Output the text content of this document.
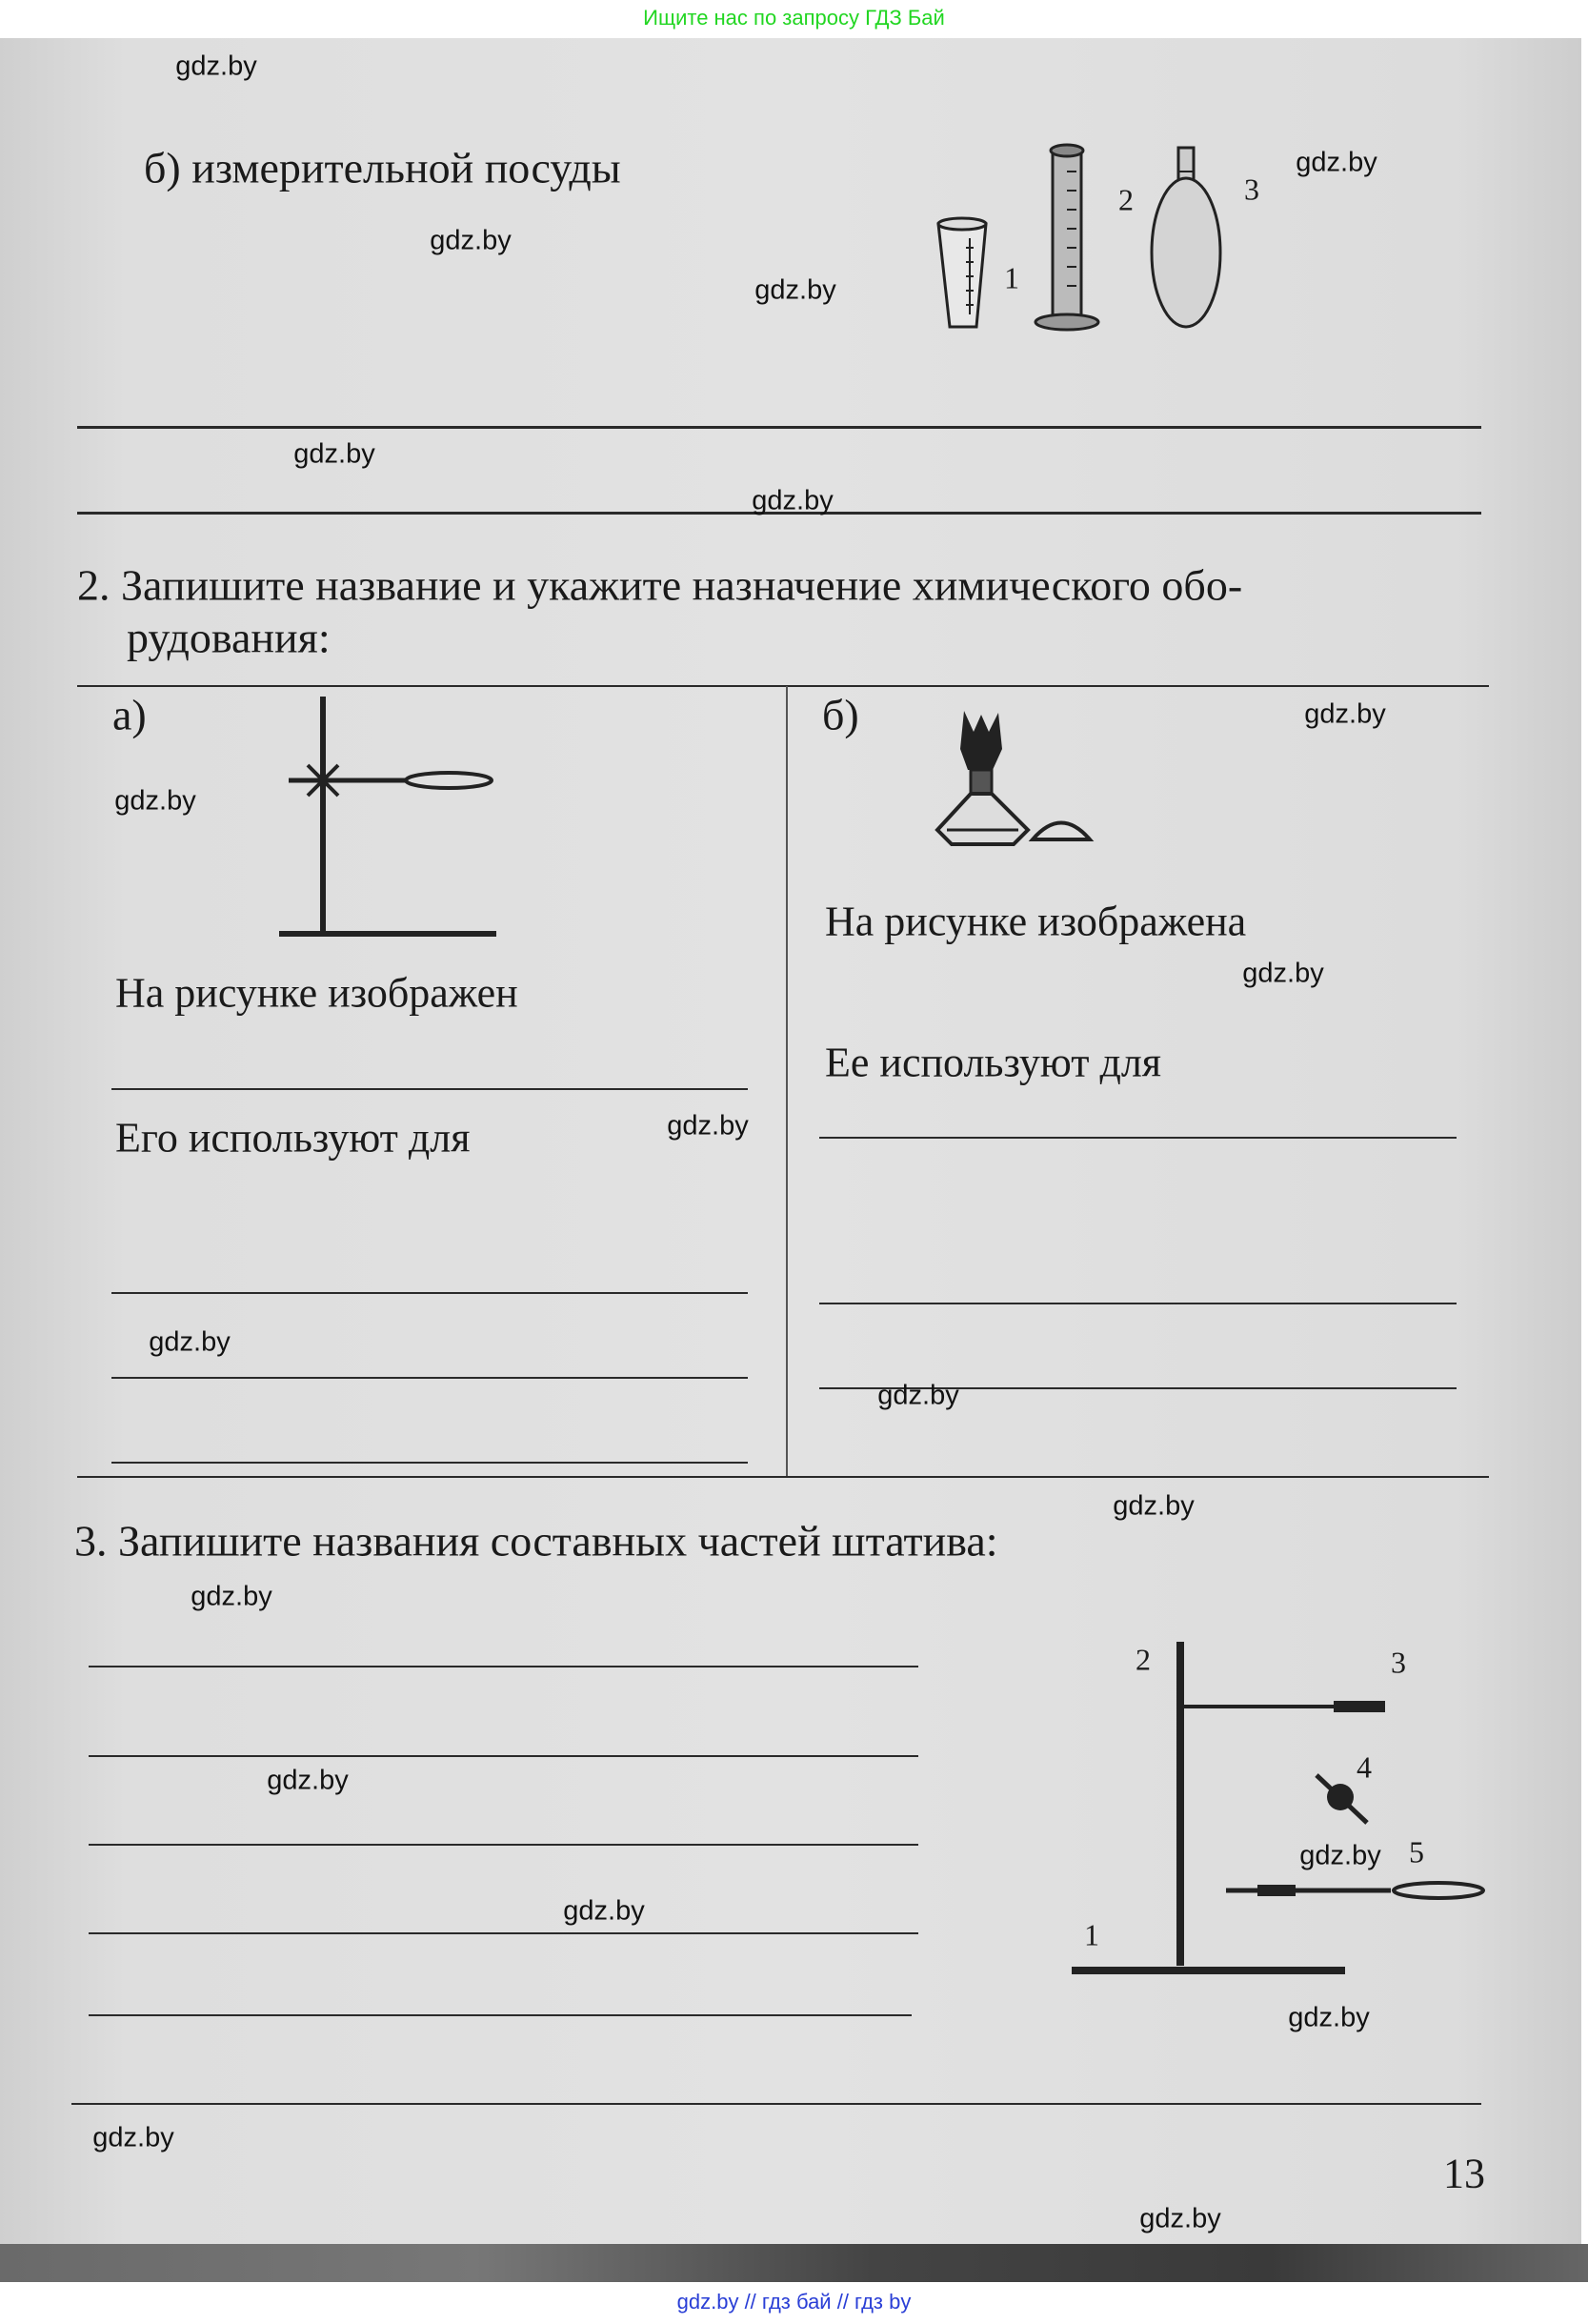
Ищите нас по запросу ГДЗ Бай
gdz.by // гдз бай // гдз by
б) измерительной посуды
1
2	3
2. Запишите название и укажите назначение химического обо-
рудования:
а)
На рисунке изображен
Его используют для
б)
На рисунке изображена
Ее используют для
3. Запишите названия составных частей штатива:
1
2	3
4
5
13
gdz.by
gdz.by
gdz.by
gdz.by
gdz.by
gdz.by
gdz.by
gdz.by
gdz.by
gdz.by
gdz.by
gdz.by
gdz.by
gdz.by
gdz.by
gdz.by
gdz.by
gdz.by
gdz.by
gdz.by
